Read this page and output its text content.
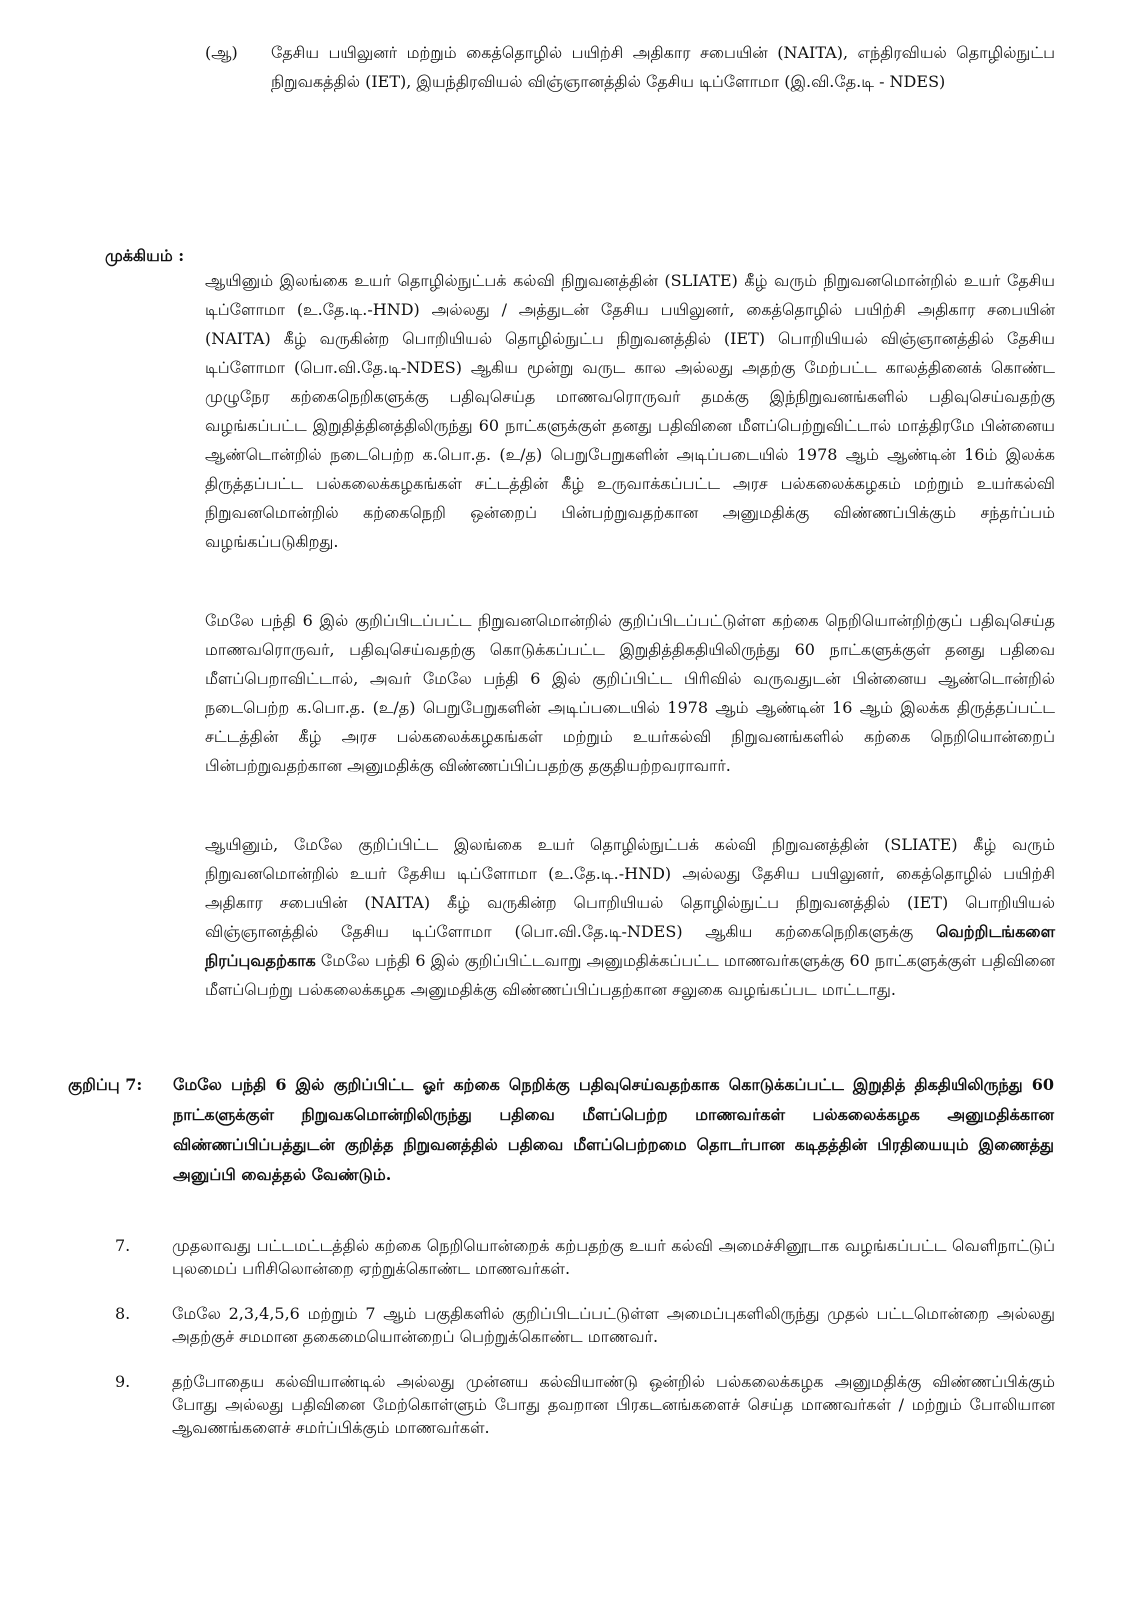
(ஆ)	தேசிய பயிலுனர் மற்றும் கைத்தொழில் பயிற்சி அதிகார சபையின் (NAITA), எந்திரவியல் தொழில்நுட்ப நிறுவகத்தில் (IET), இயந்திரவியல் விஞ்ஞானத்தில் தேசிய டிப்ளோமா (இ.வி.தே.டி - NDES)

முக்கியம் :

ஆயினும் இலங்கை உயர் தொழில்நுட்பக் கல்வி நிறுவனத்தின் (SLIATE) கீழ் வரும் நிறுவனமொன்றில் உயர் தேசிய டிப்ளோமா (உ.தே.டி.-HND) அல்லது / அத்துடன் தேசிய பயிலுனர், கைத்தொழில் பயிற்சி அதிகார சபையின் (NAITA) கீழ் வருகின்ற பொறியியல் தொழில்நுட்ப நிறுவனத்தில் (IET) பொறியியல் விஞ்ஞானத்தில் தேசிய டிப்ளோமா (பொ.வி.தே.டி-NDES) ஆகிய மூன்று வருட கால அல்லது அதற்கு மேற்பட்ட காலத்தினைக் கொண்ட முழுநேர கற்கைநெறிகளுக்கு பதிவுசெய்த மாணவரொருவர் தமக்கு இந்நிறுவனங்களில் பதிவுசெய்வதற்கு வழங்கப்பட்ட இறுதித்தினத்திலிருந்து 60 நாட்களுக்குள் தனது பதிவினை மீளப்பெற்றுவிட்டால் மாத்திரமே பின்னைய ஆண்டொன்றில் நடைபெற்ற க.பொ.த. (உ/த) பெறுபேறுகளின் அடிப்படையில் 1978 ஆம் ஆண்டின் 16ம் இலக்க திருத்தப்பட்ட பல்கலைக்கழகங்கள் சட்டத்தின் கீழ் உருவாக்கப்பட்ட அரச பல்கலைக்கழகம் மற்றும் உயர்கல்வி நிறுவனமொன்றில் கற்கைநெறி ஒன்றைப் பின்பற்றுவதற்கான அனுமதிக்கு விண்ணப்பிக்கும் சந்தர்ப்பம் வழங்கப்படுகிறது.

மேலே பந்தி 6 இல் குறிப்பிடப்பட்ட நிறுவனமொன்றில் குறிப்பிடப்பட்டுள்ள கற்கை நெறியொன்றிற்குப் பதிவுசெய்த மாணவரொருவர், பதிவுசெய்வதற்கு கொடுக்கப்பட்ட இறுதித்திகதியிலிருந்து 60 நாட்களுக்குள் தனது பதிவை மீளப்பெறாவிட்டால், அவர் மேலே பந்தி 6 இல் குறிப்பிட்ட பிரிவில் வருவதுடன் பின்னைய ஆண்டொன்றில் நடைபெற்ற க.பொ.த. (உ/த) பெறுபேறுகளின் அடிப்படையில் 1978 ஆம் ஆண்டின் 16 ஆம் இலக்க திருத்தப்பட்ட சட்டத்தின் கீழ் அரச பல்கலைக்கழகங்கள் மற்றும் உயர்கல்வி நிறுவனங்களில் கற்கை நெறியொன்றைப் பின்பற்றுவதற்கான அனுமதிக்கு விண்ணப்பிப்பதற்கு தகுதியற்றவராவார்.

ஆயினும், மேலே குறிப்பிட்ட இலங்கை உயர் தொழில்நுட்பக் கல்வி நிறுவனத்தின் (SLIATE) கீழ் வரும் நிறுவனமொன்றில் உயர் தேசிய டிப்ளோமா (உ.தே.டி.-HND) அல்லது தேசிய பயிலுனர், கைத்தொழில் பயிற்சி அதிகார சபையின் (NAITA) கீழ் வருகின்ற பொறியியல் தொழில்நுட்ப நிறுவனத்தில் (IET) பொறியியல் விஞ்ஞானத்தில் தேசிய டிப்ளோமா (பொ.வி.தே.டி-NDES) ஆகிய கற்கைநெறிகளுக்கு வெற்றிடங்களை நிரப்புவதற்காக மேலே பந்தி 6 இல் குறிப்பிட்டவாறு அனுமதிக்கப்பட்ட மாணவர்களுக்கு 60 நாட்களுக்குள் பதிவினை மீளப்பெற்று பல்கலைக்கழக அனுமதிக்கு விண்ணப்பிப்பதற்கான சலுகை வழங்கப்பட மாட்டாது.

குறிப்பு 7:	மேலே பந்தி 6 இல் குறிப்பிட்ட ஓர் கற்கை நெறிக்கு பதிவுசெய்வதற்காக கொடுக்கப்பட்ட இறுதித் திகதியிலிருந்து 60 நாட்களுக்குள் நிறுவகமொன்றிலிருந்து பதிவை மீளப்பெற்ற மாணவர்கள் பல்கலைக்கழக அனுமதிக்கான விண்ணப்பிப்பத்துடன் குறித்த நிறுவனத்தில் பதிவை மீளப்பெற்றமை தொடர்பான கடிதத்தின் பிரதியையும் இணைத்து அனுப்பி வைத்தல் வேண்டும்.
7.	முதலாவது பட்டமட்டத்தில் கற்கை நெறியொன்றைக் கற்பதற்கு உயர் கல்வி அமைச்சினூடாக வழங்கப்பட்ட வெளிநாட்டுப் புலமைப் பரிசிலொன்றை ஏற்றுக்கொண்ட மாணவர்கள்.
8.	மேலே 2,3,4,5,6 மற்றும் 7 ஆம் பகுதிகளில் குறிப்பிடப்பட்டுள்ள அமைப்புகளிலிருந்து முதல் பட்டமொன்றை அல்லது அதற்குச் சமமான தகைமையொன்றைப் பெற்றுக்கொண்ட மாணவர்.
9.	தற்போதைய கல்வியாண்டில் அல்லது முன்னய கல்வியாண்டு ஒன்றில் பல்கலைக்கழக அனுமதிக்கு விண்ணப்பிக்கும் போது அல்லது பதிவினை மேற்கொள்ளும் போது தவறான பிரகடனங்களைச் செய்த மாணவர்கள் / மற்றும் போலியான ஆவணங்களைச் சமர்ப்பிக்கும் மாணவர்கள்.
